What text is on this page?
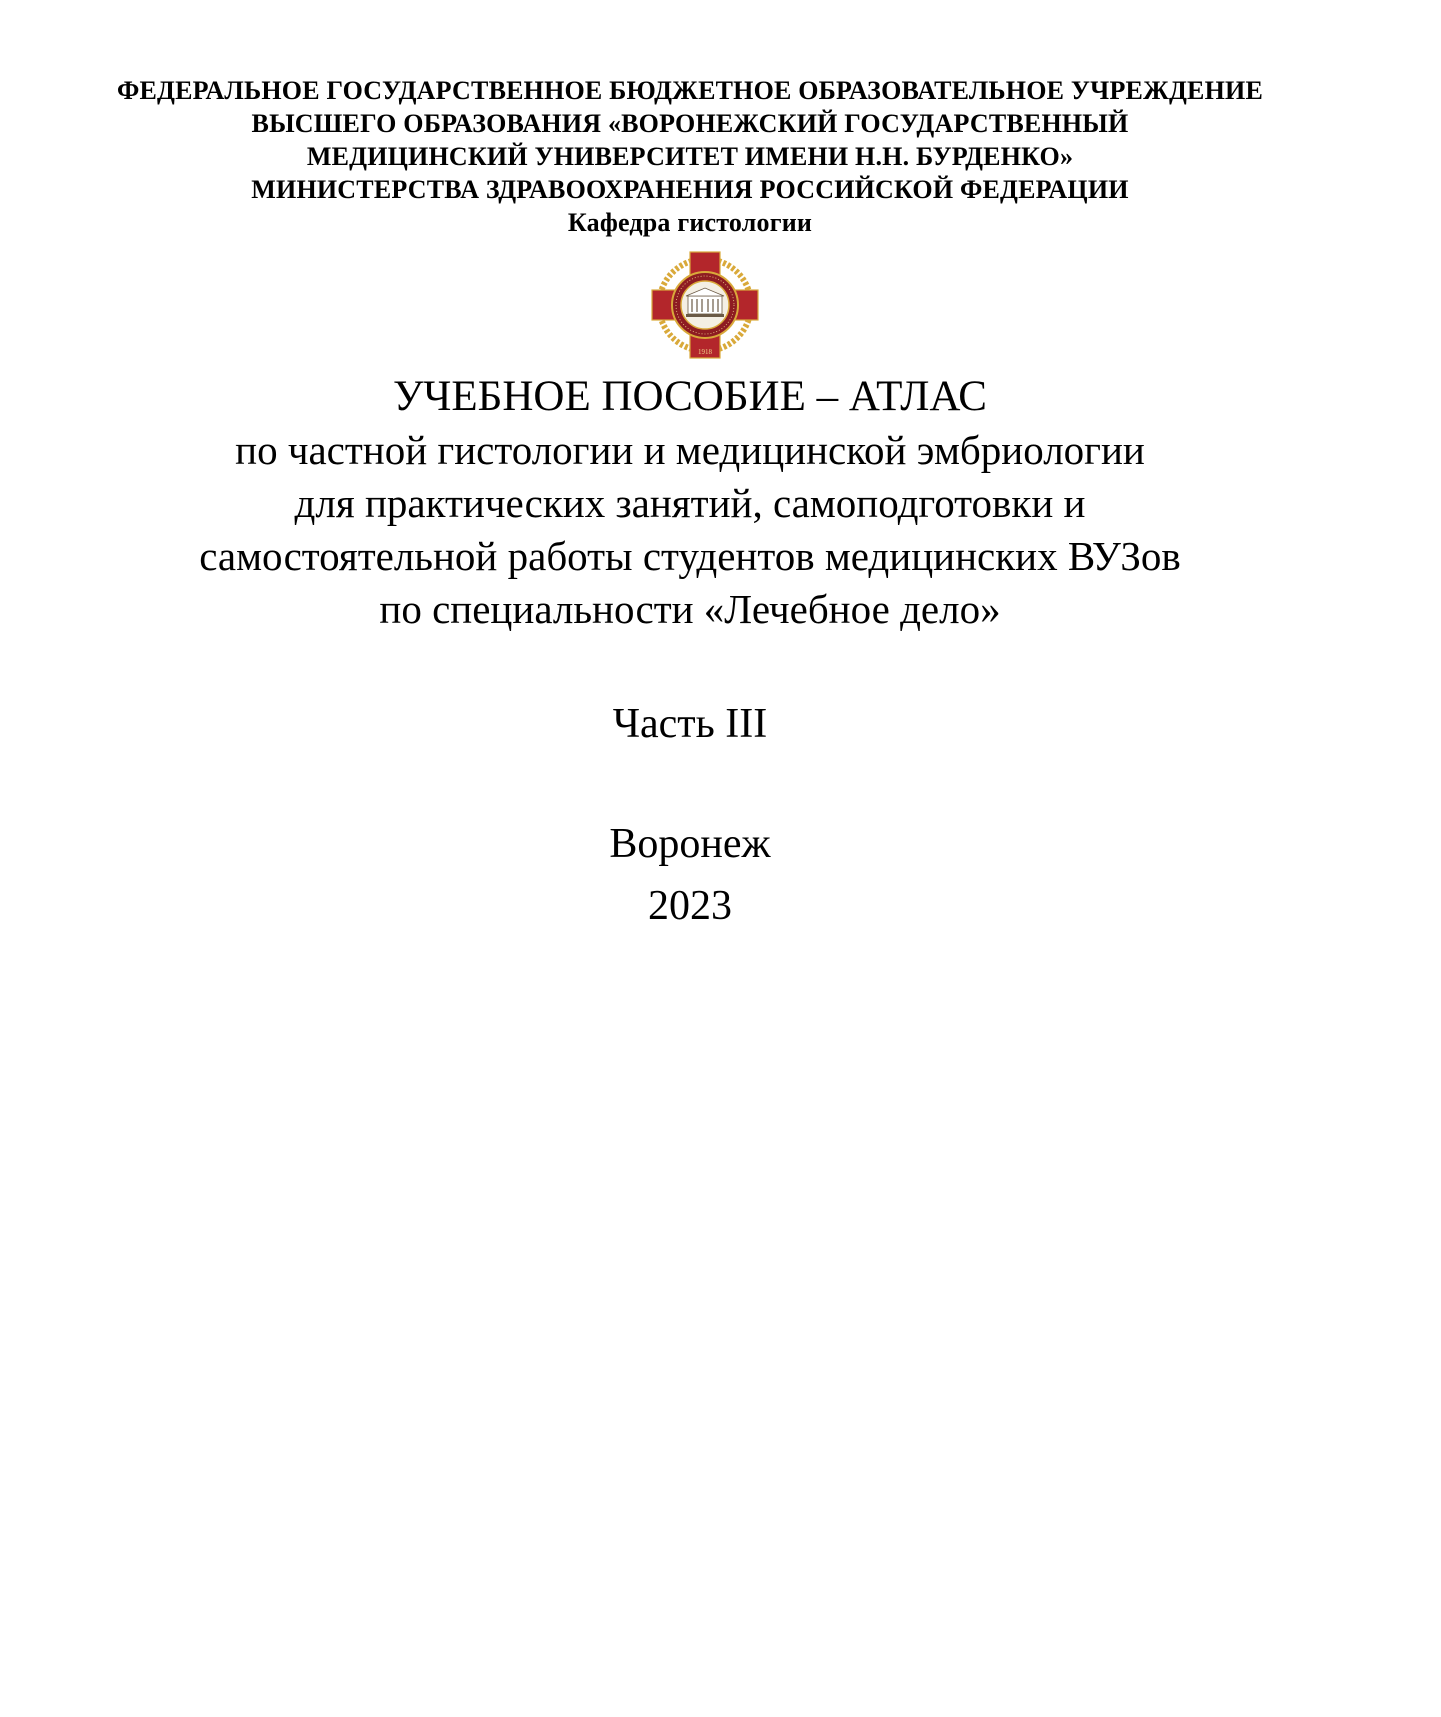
ФЕДЕРАЛЬНОЕ ГОСУДАРСТВЕННОЕ БЮДЖЕТНОЕ ОБРАЗОВАТЕЛЬНОЕ УЧРЕЖДЕНИЕ
ВЫСШЕГО ОБРАЗОВАНИЯ «ВОРОНЕЖСКИЙ ГОСУДАРСТВЕННЫЙ
МЕДИЦИНСКИЙ УНИВЕРСИТЕТ ИМЕНИ Н.Н. БУРДЕНКО»
МИНИСТЕРСТВА ЗДРАВООХРАНЕНИЯ РОССИЙСКОЙ ФЕДЕРАЦИИ
Кафедра гистологии
1918
УЧЕБНОЕ ПОСОБИЕ – АТЛАС
по частной гистологии и медицинской эмбриологии
для практических занятий, самоподготовки и
самостоятельной работы студентов медицинских ВУЗов
по специальности «Лечебное дело»
Часть III
Воронеж
2023
